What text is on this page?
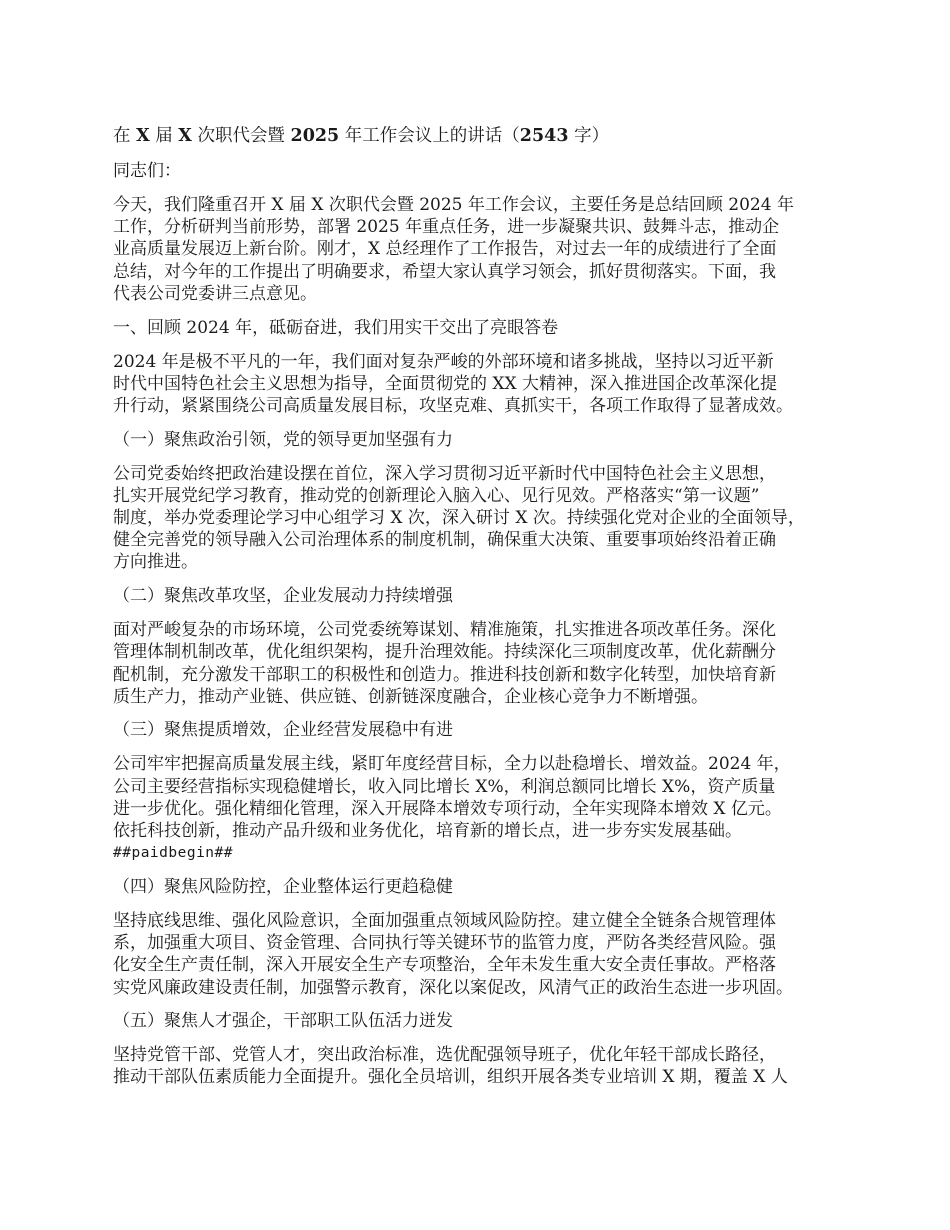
在 X 届 X 次职代会暨 2025 年工作会议上的讲话（2543 字）
同志们：
今天，我们隆重召开 X 届 X 次职代会暨 2025 年工作会议，主要任务是总结回顾 2024 年
工作，分析研判当前形势，部署 2025 年重点任务，进一步凝聚共识、鼓舞斗志，推动企
业高质量发展迈上新台阶。刚才，X 总经理作了工作报告，对过去一年的成绩进行了全面
总结，对今年的工作提出了明确要求，希望大家认真学习领会，抓好贯彻落实。下面，我
代表公司党委讲三点意见。
一、回顾 2024 年，砥砺奋进，我们用实干交出了亮眼答卷
2024 年是极不平凡的一年，我们面对复杂严峻的外部环境和诸多挑战，坚持以习近平新
时代中国特色社会主义思想为指导，全面贯彻党的 XX 大精神，深入推进国企改革深化提
升行动，紧紧围绕公司高质量发展目标，攻坚克难、真抓实干，各项工作取得了显著成效。
（一）聚焦政治引领，党的领导更加坚强有力
公司党委始终把政治建设摆在首位，深入学习贯彻习近平新时代中国特色社会主义思想，
扎实开展党纪学习教育，推动党的创新理论入脑入心、见行见效。严格落实“第一议题”
制度，举办党委理论学习中心组学习 X 次，深入研讨 X 次。持续强化党对企业的全面领导，
健全完善党的领导融入公司治理体系的制度机制，确保重大决策、重要事项始终沿着正确
方向推进。
（二）聚焦改革攻坚，企业发展动力持续增强
面对严峻复杂的市场环境，公司党委统筹谋划、精准施策，扎实推进各项改革任务。深化
管理体制机制改革，优化组织架构，提升治理效能。持续深化三项制度改革，优化薪酬分
配机制，充分激发干部职工的积极性和创造力。推进科技创新和数字化转型，加快培育新
质生产力，推动产业链、供应链、创新链深度融合，企业核心竞争力不断增强。
（三）聚焦提质增效，企业经营发展稳中有进
公司牢牢把握高质量发展主线，紧盯年度经营目标，全力以赴稳增长、增效益。2024 年，
公司主要经营指标实现稳健增长，收入同比增长 X%，利润总额同比增长 X%，资产质量
进一步优化。强化精细化管理，深入开展降本增效专项行动，全年实现降本增效 X 亿元。
依托科技创新，推动产品升级和业务优化，培育新的增长点，进一步夯实发展基础。
##paidbegin##
（四）聚焦风险防控，企业整体运行更趋稳健
坚持底线思维、强化风险意识，全面加强重点领域风险防控。建立健全全链条合规管理体
系，加强重大项目、资金管理、合同执行等关键环节的监管力度，严防各类经营风险。强
化安全生产责任制，深入开展安全生产专项整治，全年未发生重大安全责任事故。严格落
实党风廉政建设责任制，加强警示教育，深化以案促改，风清气正的政治生态进一步巩固。
（五）聚焦人才强企，干部职工队伍活力迸发
坚持党管干部、党管人才，突出政治标准，选优配强领导班子，优化年轻干部成长路径，
推动干部队伍素质能力全面提升。强化全员培训，组织开展各类专业培训 X 期，覆盖 X 人
